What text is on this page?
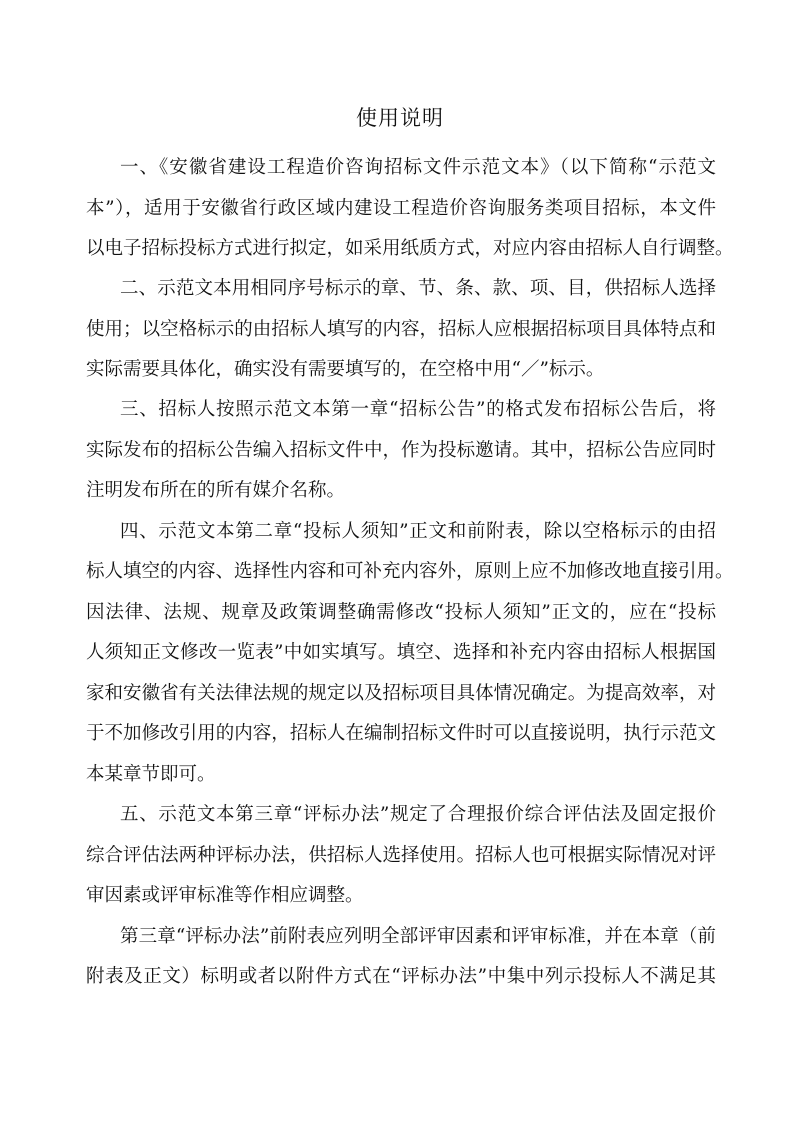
使用说明
一、《安徽省建设工程造价咨询招标文件示范文本》（以下简称“示范文
本”），适用于安徽省行政区域内建设工程造价咨询服务类项目招标，本文件
以电子招标投标方式进行拟定，如采用纸质方式，对应内容由招标人自行调整。
二、示范文本用相同序号标示的章、节、条、款、项、目，供招标人选择
使用；以空格标示的由招标人填写的内容，招标人应根据招标项目具体特点和
实际需要具体化，确实没有需要填写的，在空格中用“／”标示。
三、招标人按照示范文本第一章“招标公告”的格式发布招标公告后，将
实际发布的招标公告编入招标文件中，作为投标邀请。其中，招标公告应同时
注明发布所在的所有媒介名称。
四、示范文本第二章“投标人须知”正文和前附表，除以空格标示的由招
标人填空的内容、选择性内容和可补充内容外，原则上应不加修改地直接引用。
因法律、法规、规章及政策调整确需修改“投标人须知”正文的，应在“投标
人须知正文修改一览表”中如实填写。填空、选择和补充内容由招标人根据国
家和安徽省有关法律法规的规定以及招标项目具体情况确定。为提高效率，对
于不加修改引用的内容，招标人在编制招标文件时可以直接说明，执行示范文
本某章节即可。
五、示范文本第三章“评标办法”规定了合理报价综合评估法及固定报价
综合评估法两种评标办法，供招标人选择使用。招标人也可根据实际情况对评
审因素或评审标准等作相应调整。
第三章“评标办法”前附表应列明全部评审因素和评审标准，并在本章（前
附表及正文）标明或者以附件方式在“评标办法”中集中列示投标人不满足其
